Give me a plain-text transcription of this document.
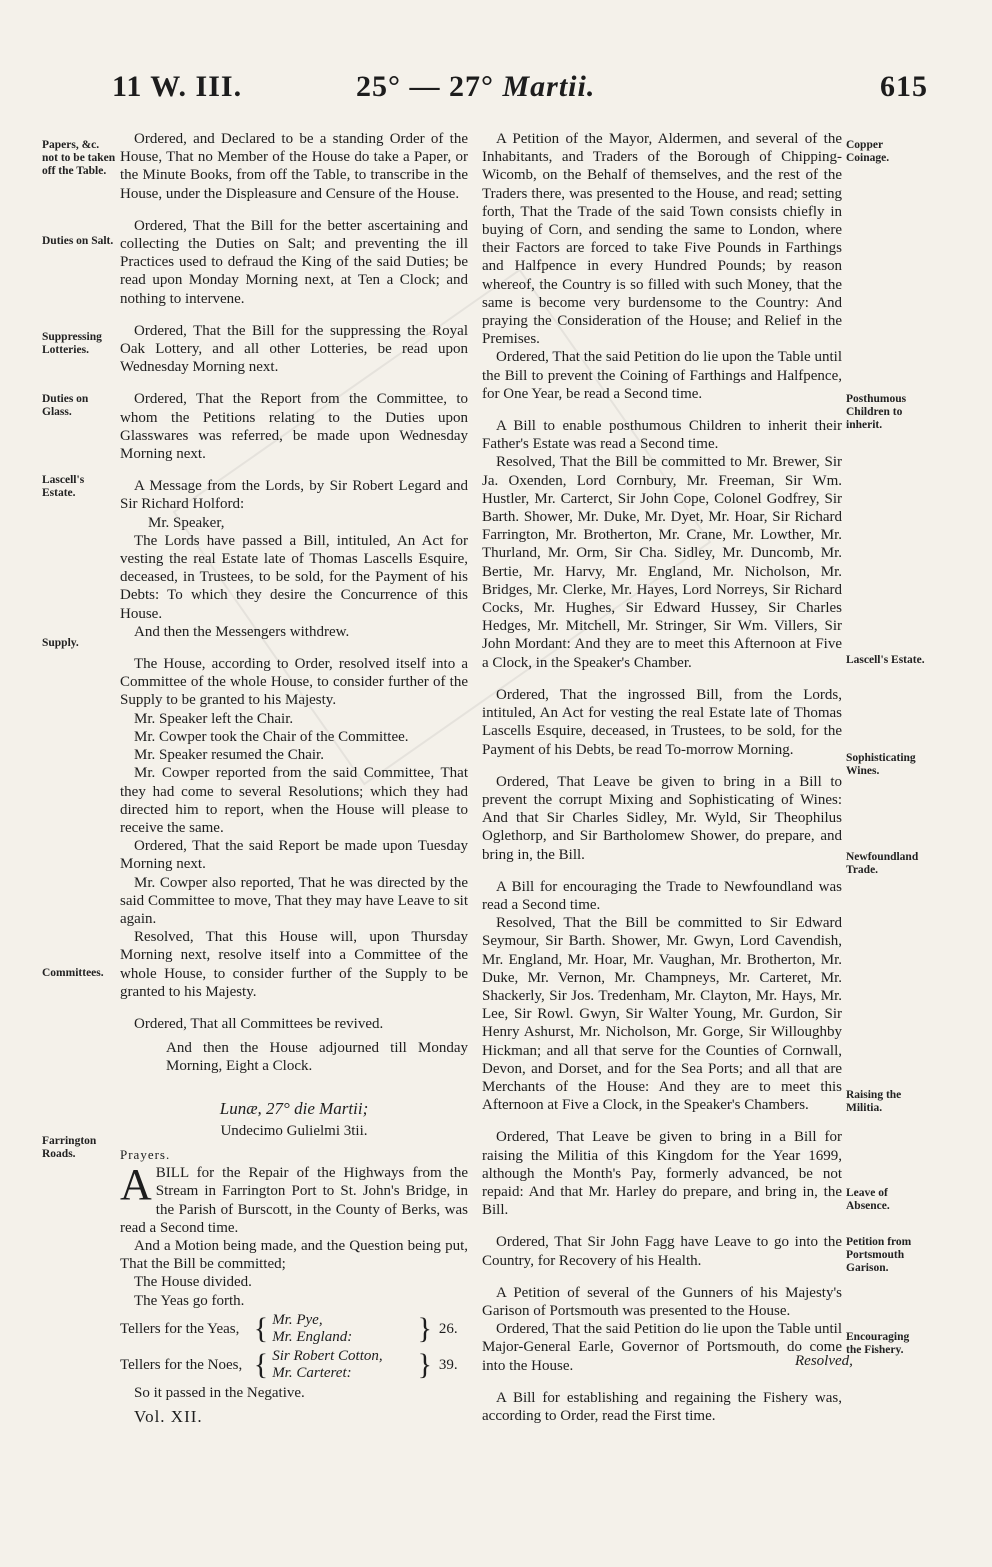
11 W. III.	25° — 27° Martii.	615
Papers, &c. not to be taken off the Table.
Duties on Salt.
Suppressing Lotteries.
Duties on Glass.
Lascell's Estate.
Supply.
Committees.
Farrington Roads.
Copper Coinage.
Posthumous Children to inherit.
Lascell's Estate.
Sophisticating Wines.
Newfoundland Trade.
Raising the Militia.
Leave of Absence.
Petition from Portsmouth Garison.
Encouraging the Fishery.

Ordered, and Declared to be a standing Order of the House, That no Member of the House do take a Paper, or the Minute Books, from off the Table, to transcribe in the House, under the Displeasure and Censure of the House.

Ordered, That the Bill for the better ascertaining and collecting the Duties on Salt; and preventing the ill Practices used to defraud the King of the said Duties; be read upon Monday Morning next, at Ten a Clock; and nothing to intervene.

Ordered, That the Bill for the suppressing the Royal Oak Lottery, and all other Lotteries, be read upon Wednesday Morning next.

Ordered, That the Report from the Committee, to whom the Petitions relating to the Duties upon Glasswares was referred, be made upon Wednesday Morning next.

A Message from the Lords, by Sir Robert Legard and Sir Richard Holford:

Mr. Speaker,

The Lords have passed a Bill, intituled, An Act for vesting the real Estate late of Thomas Lascells Esquire, deceased, in Trustees, to be sold, for the Payment of his Debts: To which they desire the Concurrence of this House.

And then the Messengers withdrew.

The House, according to Order, resolved itself into a Committee of the whole House, to consider further of the Supply to be granted to his Majesty.

Mr. Speaker left the Chair.

Mr. Cowper took the Chair of the Committee.

Mr. Speaker resumed the Chair.

Mr. Cowper reported from the said Committee, That they had come to several Resolutions; which they had directed him to report, when the House will please to receive the same.

Ordered, That the said Report be made upon Tuesday Morning next.

Mr. Cowper also reported, That he was directed by the said Committee to move, That they may have Leave to sit again.

Resolved, That this House will, upon Thursday Morning next, resolve itself into a Committee of the whole House, to consider further of the Supply to be granted to his Majesty.

Ordered, That all Committees be revived.

And then the House adjourned till Monday Morning, Eight a Clock.

Lunæ, 27° die Martii;

Undecimo Gulielmi 3tii.

Prayers.

ABILL for the Repair of the Highways from the Stream in Farrington Port to St. John's Bridge, in the Parish of Burscott, in the County of Berks, was read a Second time.

And a Motion being made, and the Question being put, That the Bill be committed;

The House divided.

The Yeas go forth.

Tellers for the Yeas, { Mr. Pye,
Mr. England:	} 26.
Tellers for the Noes, { Sir Robert Cotton,
Mr. Carteret:	} 39.

So it passed in the Negative.

Vol. XII.

A Petition of the Mayor, Aldermen, and several of the Inhabitants, and Traders of the Borough of Chipping-Wicomb, on the Behalf of themselves, and the rest of the Traders there, was presented to the House, and read; setting forth, That the Trade of the said Town consists chiefly in buying of Corn, and sending the same to London, where their Factors are forced to take Five Pounds in Farthings and Halfpence in every Hundred Pounds; by reason whereof, the Country is so filled with such Money, that the same is become very burdensome to the Country: And praying the Consideration of the House; and Relief in the Premises.

Ordered, That the said Petition do lie upon the Table until the Bill to prevent the Coining of Farthings and Halfpence, for One Year, be read a Second time.

A Bill to enable posthumous Children to inherit their Father's Estate was read a Second time.

Resolved, That the Bill be committed to Mr. Brewer, Sir Ja. Oxenden, Lord Cornbury, Mr. Freeman, Sir Wm. Hustler, Mr. Carterct, Sir John Cope, Colonel Godfrey, Sir Barth. Shower, Mr. Duke, Mr. Dyet, Mr. Hoar, Sir Richard Farrington, Mr. Brotherton, Mr. Crane, Mr. Lowther, Mr. Thurland, Mr. Orm, Sir Cha. Sidley, Mr. Duncomb, Mr. Bertie, Mr. Harvy, Mr. England, Mr. Nicholson, Mr. Bridges, Mr. Clerke, Mr. Hayes, Lord Norreys, Sir Richard Cocks, Mr. Hughes, Sir Edward Hussey, Sir Charles Hedges, Mr. Mitchell, Mr. Stringer, Sir Wm. Villers, Sir John Mordant: And they are to meet this Afternoon at Five a Clock, in the Speaker's Chamber.

Ordered, That the ingrossed Bill, from the Lords, intituled, An Act for vesting the real Estate late of Thomas Lascells Esquire, deceased, in Trustees, to be sold, for the Payment of his Debts, be read To-morrow Morning.

Ordered, That Leave be given to bring in a Bill to prevent the corrupt Mixing and Sophisticating of Wines: And that Sir Charles Sidley, Mr. Wyld, Sir Theophilus Oglethorp, and Sir Bartholomew Shower, do prepare, and bring in, the Bill.

A Bill for encouraging the Trade to Newfoundland was read a Second time.

Resolved, That the Bill be committed to Sir Edward Seymour, Sir Barth. Shower, Mr. Gwyn, Lord Cavendish, Mr. England, Mr. Hoar, Mr. Vaughan, Mr. Brotherton, Mr. Duke, Mr. Vernon, Mr. Champneys, Mr. Carteret, Mr. Shackerly, Sir Jos. Tredenham, Mr. Clayton, Mr. Hays, Mr. Lee, Sir Rowl. Gwyn, Sir Walter Young, Mr. Gurdon, Sir Henry Ashurst, Mr. Nicholson, Mr. Gorge, Sir Willoughby Hickman; and all that serve for the Counties of Cornwall, Devon, and Dorset, and for the Sea Ports; and all that are Merchants of the House: And they are to meet this Afternoon at Five a Clock, in the Speaker's Chambers.

Ordered, That Leave be given to bring in a Bill for raising the Militia of this Kingdom for the Year 1699, although the Month's Pay, formerly advanced, be not repaid: And that Mr. Harley do prepare, and bring in, the Bill.

Ordered, That Sir John Fagg have Leave to go into the Country, for Recovery of his Health.

A Petition of several of the Gunners of his Majesty's Garison of Portsmouth was presented to the House.

Ordered, That the said Petition do lie upon the Table until Major-General Earle, Governor of Portsmouth, do come into the House.

A Bill for establishing and regaining the Fishery was, according to Order, read the First time.

Resolved,
